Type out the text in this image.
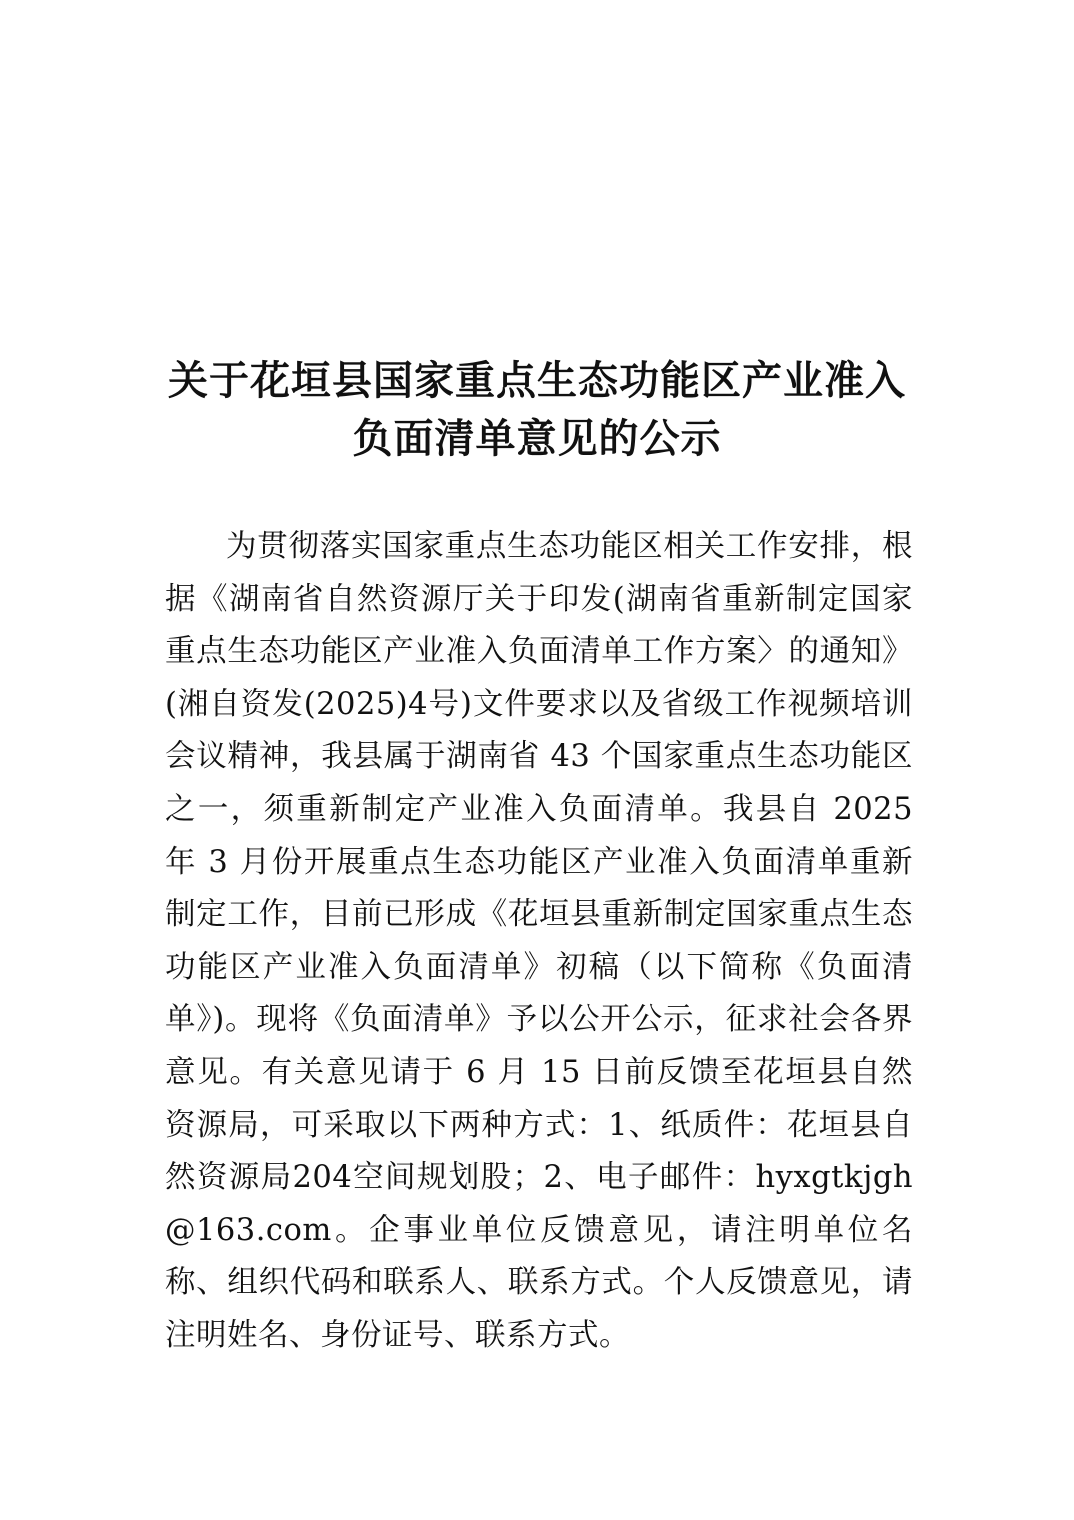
关于花垣县国家重点生态功能区产业准入
负面清单意见的公示

为贯彻落实国家重点生态功能区相关工作安排，根据《湖南省自然资源厅关于印发(湖南省重新制定国家重点生态功能区产业准入负面清单工作方案〉的通知》(湘自资发(2025)4号)文件要求以及省级工作视频培训会议精神，我县属于湖南省 43 个国家重点生态功能区之一，须重新制定产业准入负面清单。我县自 2025 年 3 月份开展重点生态功能区产业准入负面清单重新制定工作，目前已形成《花垣县重新制定国家重点生态功能区产业准入负面清单》初稿（以下简称《负面清单》)。现将《负面清单》予以公开公示，征求社会各界意见。有关意见请于 6 月 15 日前反馈至花垣县自然资源局，可采取以下两种方式：1、纸质件：花垣县自然资源局204空间规划股；2、电子邮件：hyxgtkjgh@163.com。企事业单位反馈意见，请注明单位名称、组织代码和联系人、联系方式。个人反馈意见，请注明姓名、身份证号、联系方式。
